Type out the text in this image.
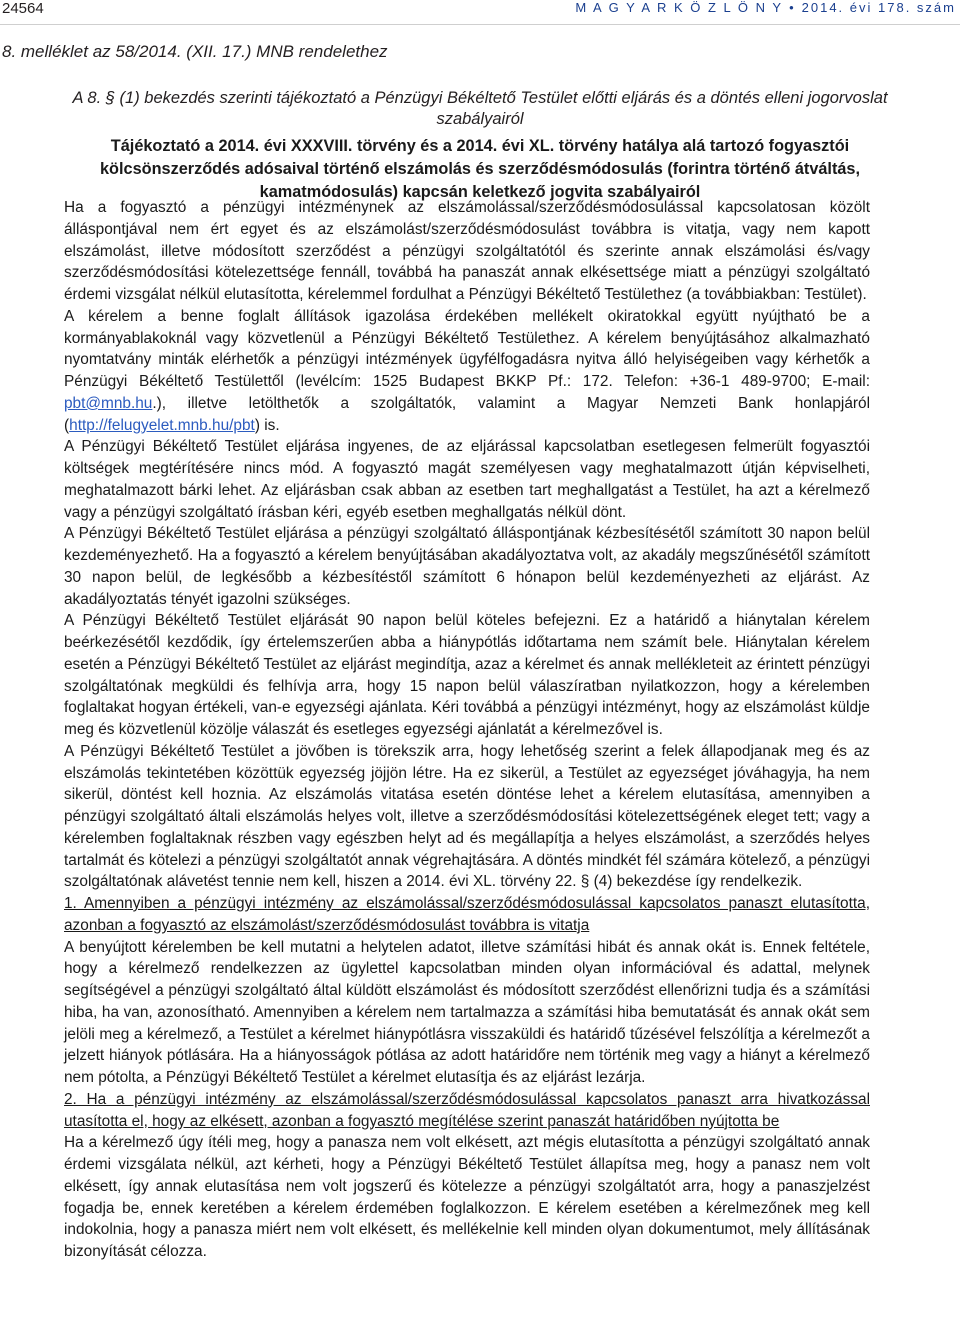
24564	M A G Y A R K Ö Z L Ö N Y • 2014. évi 178. szám
8. melléklet az 58/2014. (XII. 17.) MNB rendelethez
A 8. § (1) bekezdés szerinti tájékoztató a Pénzügyi Békéltető Testület előtti eljárás és a döntés elleni jogorvoslat szabályairól
Tájékoztató a 2014. évi XXXVIII. törvény és a 2014. évi XL. törvény hatálya alá tartozó fogyasztói kölcsönszerződés adósaival történő elszámolás és szerződésmódosulás (forintra történő átváltás, kamatmódosulás) kapcsán keletkező jogvita szabályairól

Ha a fogyasztó a pénzügyi intézménynek az elszámolással/szerződésmódosulással kapcsolatosan közölt álláspontjával nem ért egyet és az elszámolást/szerződésmódosulást továbbra is vitatja, vagy nem kapott elszámolást, illetve módosított szerződést a pénzügyi szolgáltatótól és szerinte annak elszámolási és/vagy szerződésmódosítási kötelezettsége fennáll, továbbá ha panaszát annak elkésettsége miatt a pénzügyi szolgáltató érdemi vizsgálat nélkül elutasította, kérelemmel fordulhat a Pénzügyi Békéltető Testülethez (a továbbiakban: Testület).

A kérelem a benne foglalt állítások igazolása érdekében mellékelt okiratokkal együtt nyújtható be a kormányablakoknál vagy közvetlenül a Pénzügyi Békéltető Testülethez. A kérelem benyújtásához alkalmazható nyomtatvány minták elérhetők a pénzügyi intézmények ügyfélfogadásra nyitva álló helyiségeiben vagy kérhetők a Pénzügyi Békéltető Testülettől (levélcím: 1525 Budapest BKKP Pf.: 172. Telefon: +36-1 489-9700; E-mail: pbt@mnb.hu.), illetve letölthetők a szolgáltatók, valamint a Magyar Nemzeti Bank honlapjáról (http://felugyelet.mnb.hu/pbt) is.

A Pénzügyi Békéltető Testület eljárása ingyenes, de az eljárással kapcsolatban esetlegesen felmerült fogyasztói költségek megtérítésére nincs mód. A fogyasztó magát személyesen vagy meghatalmazott útján képviselheti, meghatalmazott bárki lehet. Az eljárásban csak abban az esetben tart meghallgatást a Testület, ha azt a kérelmező vagy a pénzügyi szolgáltató írásban kéri, egyéb esetben meghallgatás nélkül dönt.

A Pénzügyi Békéltető Testület eljárása a pénzügyi szolgáltató álláspontjának kézbesítésétől számított 30 napon belül kezdeményezhető. Ha a fogyasztó a kérelem benyújtásában akadályoztatva volt, az akadály megszűnésétől számított 30 napon belül, de legkésőbb a kézbesítéstől számított 6 hónapon belül kezdeményezheti az eljárást. Az akadályoztatás tényét igazolni szükséges.

A Pénzügyi Békéltető Testület eljárását 90 napon belül köteles befejezni. Ez a határidő a hiánytalan kérelem beérkezésétől kezdődik, így értelemszerűen abba a hiánypótlás időtartama nem számít bele. Hiánytalan kérelem esetén a Pénzügyi Békéltető Testület az eljárást megindítja, azaz a kérelmet és annak mellékleteit az érintett pénzügyi szolgáltatónak megküldi és felhívja arra, hogy 15 napon belül válaszíratban nyilatkozzon, hogy a kérelemben foglaltakat hogyan értékeli, van-e egyezségi ajánlata. Kéri továbbá a pénzügyi intézményt, hogy az elszámolást küldje meg és közvetlenül közölje válaszát és esetleges egyezségi ajánlatát a kérelmezővel is.

A Pénzügyi Békéltető Testület a jövőben is törekszik arra, hogy lehetőség szerint a felek állapodjanak meg és az elszámolás tekintetében közöttük egyezség jöjjön létre. Ha ez sikerül, a Testület az egyezséget jóváhagyja, ha nem sikerül, döntést kell hoznia. Az elszámolás vitatása esetén döntése lehet a kérelem elutasítása, amennyiben a pénzügyi szolgáltató általi elszámolás helyes volt, illetve a szerződésmódosítási kötelezettségének eleget tett; vagy a kérelemben foglaltaknak részben vagy egészben helyt ad és megállapítja a helyes elszámolást, a szerződés helyes tartalmát és kötelezi a pénzügyi szolgáltatót annak végrehajtására. A döntés mindkét fél számára kötelező, a pénzügyi szolgáltatónak alávetést tennie nem kell, hiszen a 2014. évi XL. törvény 22. § (4) bekezdése így rendelkezik.

1. Amennyiben a pénzügyi intézmény az elszámolással/szerződésmódosulással kapcsolatos panaszt elutasította, azonban a fogyasztó az elszámolást/szerződésmódosulást továbbra is vitatja

A benyújtott kérelemben be kell mutatni a helytelen adatot, illetve számítási hibát és annak okát is. Ennek feltétele, hogy a kérelmező rendelkezzen az ügylettel kapcsolatban minden olyan információval és adattal, melynek segítségével a pénzügyi szolgáltató által küldött elszámolást és módosított szerződést ellenőrizni tudja és a számítási hiba, ha van, azonosítható. Amennyiben a kérelem nem tartalmazza a számítási hiba bemutatását és annak okát sem jelöli meg a kérelmező, a Testület a kérelmet hiánypótlásra visszaküldi és határidő tűzésével felszólítja a kérelmezőt a jelzett hiányok pótlására. Ha a hiányosságok pótlása az adott határidőre nem történik meg vagy a hiányt a kérelmező nem pótolta, a Pénzügyi Békéltető Testület a kérelmet elutasítja és az eljárást lezárja.

2. Ha a pénzügyi intézmény az elszámolással/szerződésmódosulással kapcsolatos panaszt arra hivatkozással utasította el, hogy az elkésett, azonban a fogyasztó megítélése szerint panaszát határidőben nyújtotta be

Ha a kérelmező úgy ítéli meg, hogy a panasza nem volt elkésett, azt mégis elutasította a pénzügyi szolgáltató annak érdemi vizsgálata nélkül, azt kérheti, hogy a Pénzügyi Békéltető Testület állapítsa meg, hogy a panasz nem volt elkésett, így annak elutasítása nem volt jogszerű és kötelezze a pénzügyi szolgáltatót arra, hogy a panaszjelzést fogadja be, ennek keretében a kérelem érdemében foglalkozzon. E kérelem esetében a kérelmezőnek meg kell indokolnia, hogy a panasza miért nem volt elkésett, és mellékelnie kell minden olyan dokumentumot, mely állításának bizonyítását célozza.
